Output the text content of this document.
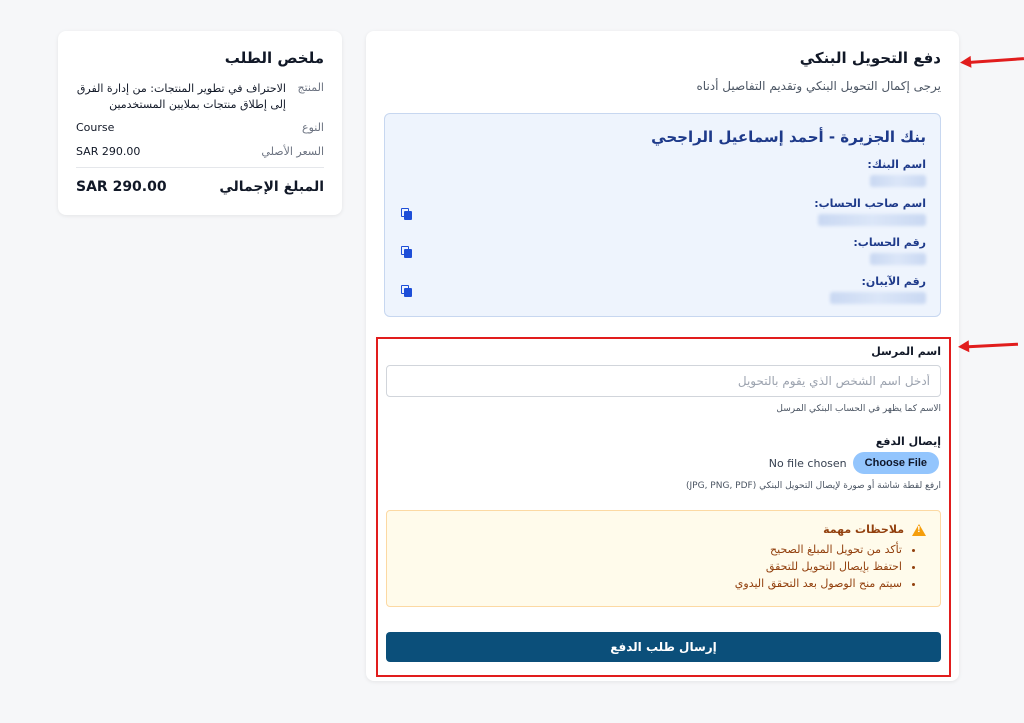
ملخص الطلب
المنتج
الاحتراف في تطوير المنتجات: من إدارة الفرق إلى إطلاق منتجات بملايين المستخدمين
النوع
Course
السعر الأصلي
SAR 290.00
المبلغ الإجمالي
SAR 290.00
دفع التحويل البنكي
يرجى إكمال التحويل البنكي وتقديم التفاصيل أدناه
بنك الجزيرة - أحمد إسماعيل الراجحي
اسم البنك:
اسم صاحب الحساب:
رقم الحساب:
رقم الآيبان:
اسم المرسل
أدخل اسم الشخص الذي يقوم بالتحويل
الاسم كما يظهر في الحساب البنكي المرسل
إيصال الدفع
Choose File
No file chosen
ارفع لقطة شاشة أو صورة لإيصال التحويل البنكي (JPG, PNG, PDF)
!
ملاحظات مهمة
• تأكد من تحويل المبلغ الصحيح
• احتفظ بإيصال التحويل للتحقق
• سيتم منح الوصول بعد التحقق اليدوي
إرسال طلب الدفع
